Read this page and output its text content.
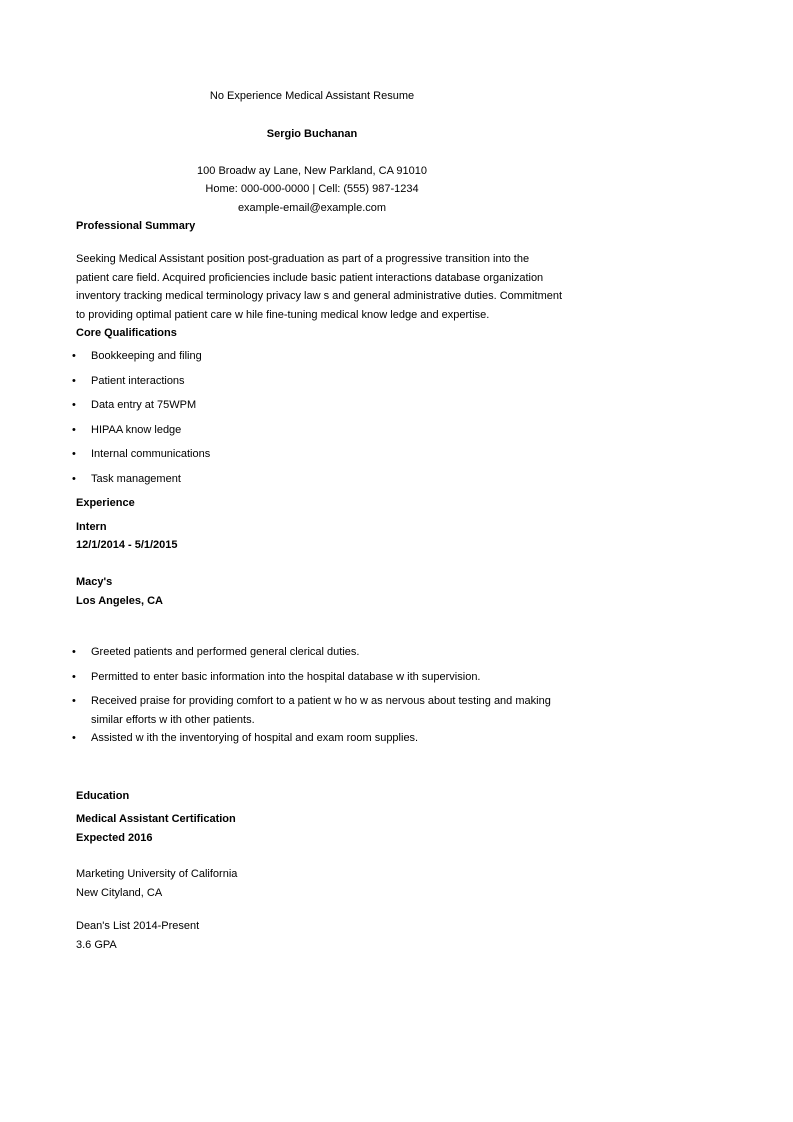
No Experience Medical Assistant Resume
Sergio Buchanan
100 Broadw ay Lane, New Parkland, CA 91010
Home: 000-000-0000 | Cell: (555) 987-1234
example-email@example.com
Professional Summary
Seeking Medical Assistant position post-graduation as part of a progressive transition into the
patient care field. Acquired proficiencies include basic patient interactions database organization
inventory tracking medical terminology privacy law s and general administrative duties. Commitment
to providing optimal patient care w hile fine-tuning medical know ledge and expertise.
Core Qualifications
•	Bookkeeping and filing
•	Patient interactions
•	Data entry at 75WPM
•	HIPAA know ledge
•	Internal communications
•	Task management
Experience
Intern
12/1/2014 - 5/1/2015
Macy's
Los Angeles, CA
•	Greeted patients and performed general clerical duties.
•	Permitted to enter basic information into the hospital database w ith supervision.
•	Received praise for providing comfort to a patient w ho w as nervous about testing and making
similar efforts w ith other patients.
•	Assisted w ith the inventorying of hospital and exam room supplies.
Education
Medical Assistant Certification
Expected 2016
Marketing University of California
New Cityland, CA
Dean's List 2014-Present
3.6 GPA
